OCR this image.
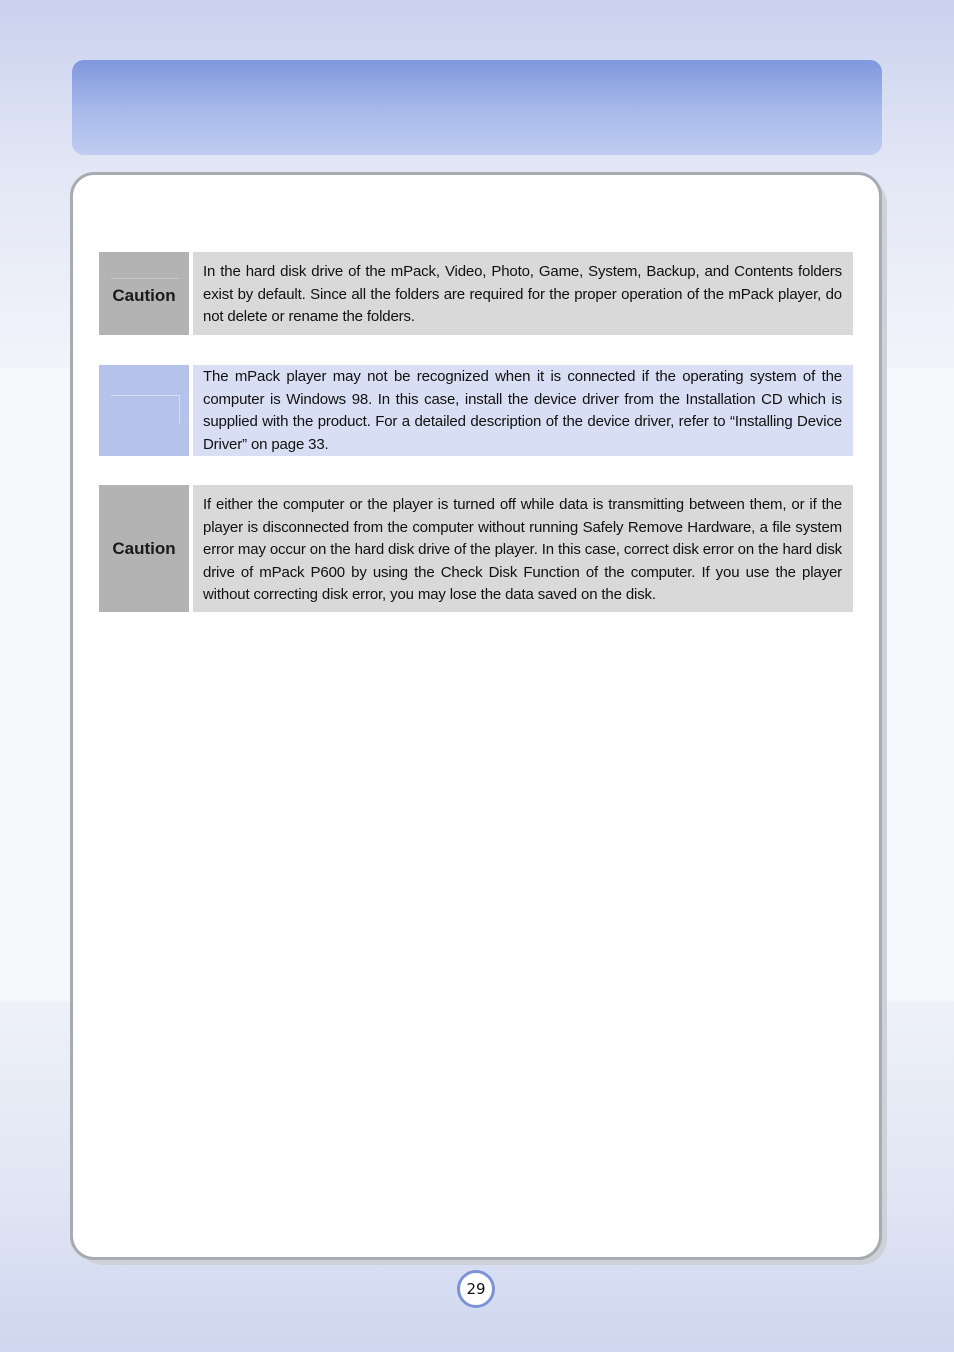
Caution
In the hard disk drive of the mPack, Video, Photo, Game, System, Backup, and Contents folders exist by default. Since all the folders are required for the proper operation of the mPack player, do not delete or rename the folders.
The mPack player may not be recognized when it is connected if the operating system of the computer is Windows 98. In this case, install the device driver from the Installation CD which is supplied with the product. For a detailed description of the device driver, refer to “Installing Device Driver” on page 33.
Caution
If either the computer or the player is turned off while data is transmitting between them, or if the player is disconnected from the computer without running Safely Remove Hardware, a file system error may occur on the hard disk drive of the player. In this case, correct disk error on the hard disk drive of mPack P600 by using the Check Disk Function of the computer. If you use the player without correcting disk error, you may lose the data saved on the disk.
29
